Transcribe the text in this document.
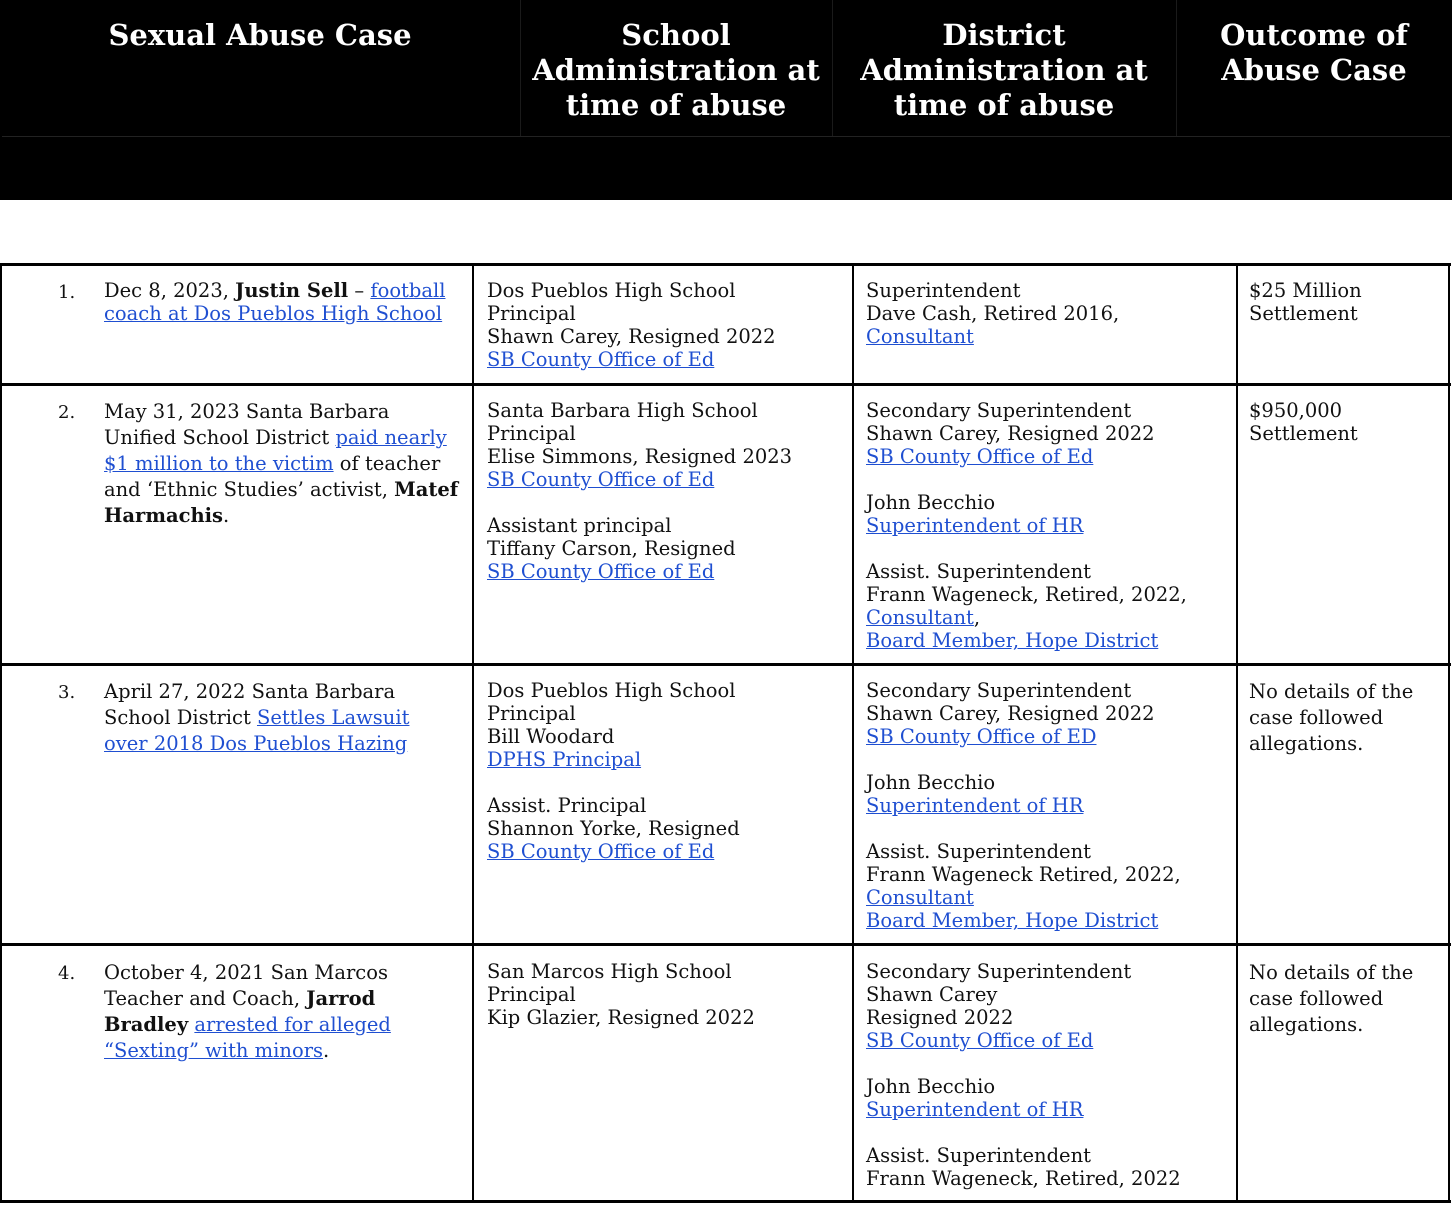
Sexual Abuse Case	School Administration at time of abuse
District Administration at time of abuse
Outcome of Abuse Case
1. Dec 8, 2023, Justin Sell – football coach at Dos Pueblos High School
Dos Pueblos High School
Principal
Shawn Carey, Resigned 2022
SB County Office of Ed
Superintendent
Dave Cash, Retired 2016, Consultant
$25 Million
Settlement
2. May 31, 2023 Santa Barbara Unified School District paid nearly $1 million to the victim of teacher and ‘Ethnic Studies’ activist, Matef Harmachis.
Santa Barbara High School
Principal
Elise Simmons, Resigned 2023
SB County Office of Ed
Assistant principal
Tiffany Carson, Resigned
SB County Office of Ed
Secondary Superintendent
Shawn Carey, Resigned 2022
SB County Office of Ed
John Becchio
Superintendent of HR
Assist. Superintendent
Frann Wageneck, Retired, 2022,
Consultant,
Board Member, Hope District
$950,000
Settlement
3. April 27, 2022 Santa Barbara School District Settles Lawsuit over 2018 Dos Pueblos Hazing
Dos Pueblos High School
Principal
Bill Woodard
DPHS Principal
Assist. Principal
Shannon Yorke, Resigned
SB County Office of Ed
Secondary Superintendent
Shawn Carey, Resigned 2022
SB County Office of ED
John Becchio
Superintendent of HR
Assist. Superintendent
Frann Wageneck Retired, 2022,
Consultant
Board Member, Hope District
No details of the case followed allegations.
4. October 4, 2021 San Marcos Teacher and Coach, Jarrod Bradley arrested for alleged “Sexting” with minors.
San Marcos High School
Principal
Kip Glazier, Resigned 2022
Secondary Superintendent
Shawn Carey
Resigned 2022
SB County Office of Ed
John Becchio
Superintendent of HR
Assist. Superintendent
Frann Wageneck, Retired, 2022
No details of the case followed allegations.
